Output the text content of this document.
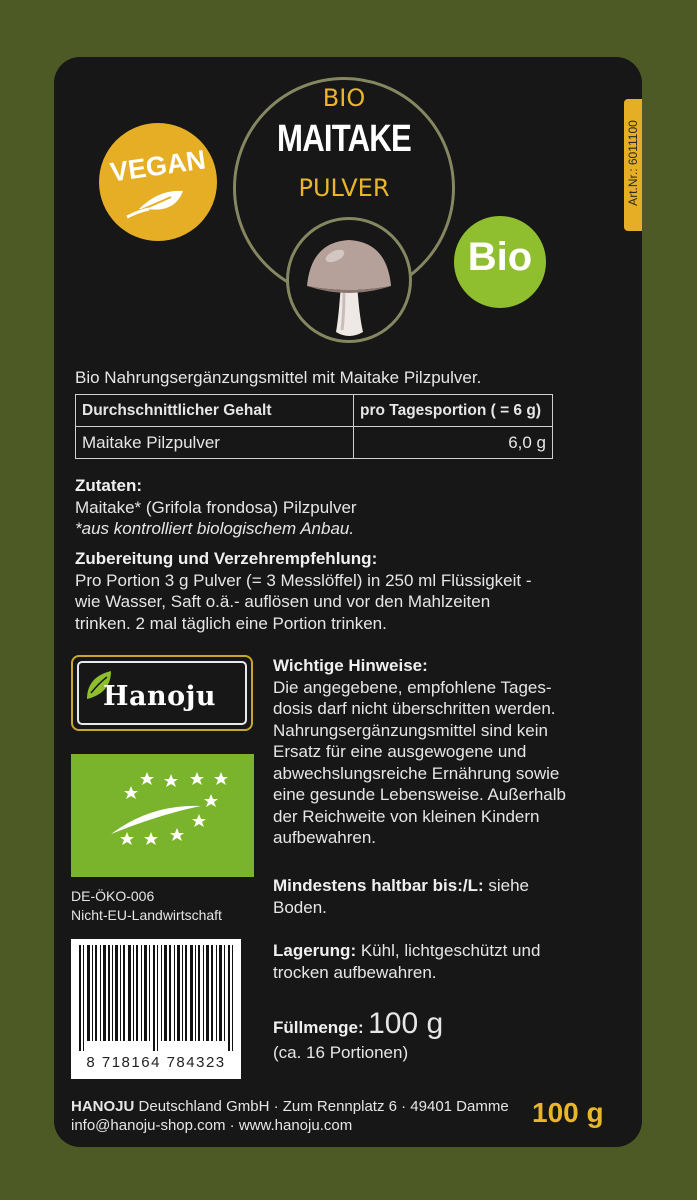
BIO
MAITAKE
PULVER
VEGAN
Bio
Art.Nr.: 6011100
Bio Nahrungsergänzungsmittel mit Maitake Pilzpulver.
Durchschnittlicher Gehalt	pro Tagesportion ( = 6 g)
Maitake Pilzpulver	6,0 g
Zutaten:
Maitake* (Grifola frondosa) Pilzpulver
*aus kontrolliert biologischem Anbau.
Zubereitung und Verzehrempfehlung:
Pro Portion 3 g Pulver (= 3 Messlöffel) in 250 ml Flüssigkeit -
wie Wasser, Saft o.ä.- auflösen und vor den Mahlzeiten
trinken. 2 mal täglich eine Portion trinken.
Hanoju
DE-ÖKO-006
Nicht-EU-Landwirtschaft
8 718164 784323
Wichtige Hinweise:
Die angegebene, empfohlene Tages-
dosis darf nicht überschritten werden.
Nahrungsergänzungsmittel sind kein
Ersatz für eine ausgewogene und
abwechslungsreiche Ernährung sowie
eine gesunde Lebensweise. Außerhalb
der Reichweite von kleinen Kindern
aufbewahren.
Mindestens haltbar bis:/L: siehe
Boden.
Lagerung: Kühl, lichtgeschützt und
trocken aufbewahren.
Füllmenge: 100 g
(ca. 16 Portionen)
HANOJU Deutschland GmbH · Zum Rennplatz 6 · 49401 Damme
info@hanoju-shop.com · www.hanoju.com	100 g
